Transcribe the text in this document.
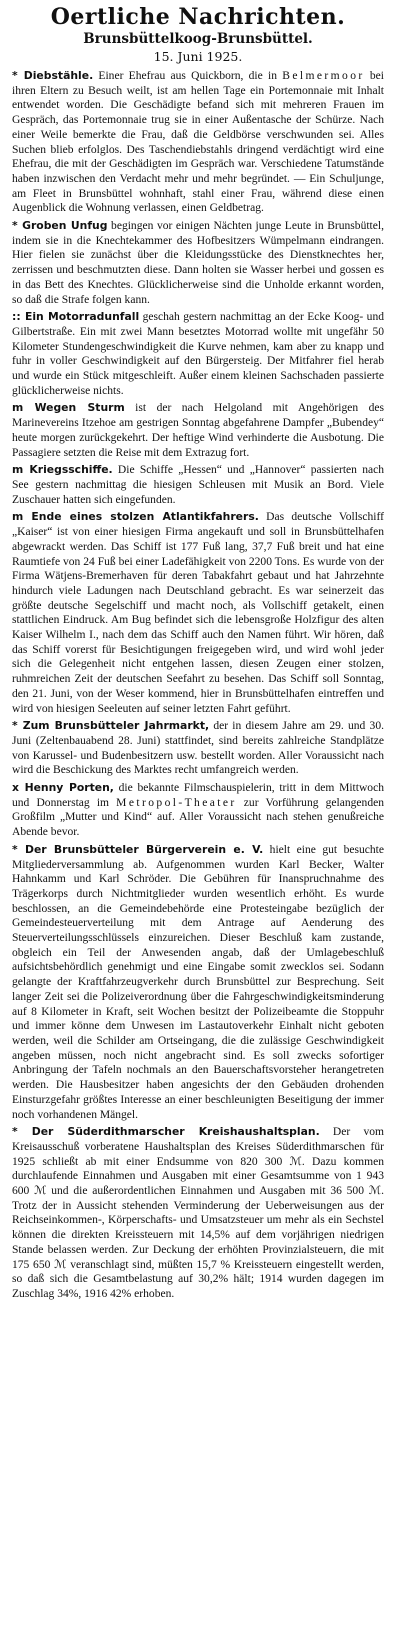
Oertliche Nachrichten.
Brunsbüttelkoog-Brunsbüttel.
15. Juni 1925.

* Diebstähle. Einer Ehefrau aus Quickborn, die in Belmermoor bei ihren Eltern zu Besuch weilt, ist am hellen Tage ein Portemonnaie mit Inhalt entwendet worden. Die Geschädigte befand sich mit mehreren Frauen im Gespräch, das Portemonnaie trug sie in einer Außentasche der Schürze. Nach einer Weile bemerkte die Frau, daß die Geldbörse verschwunden sei. Alles Suchen blieb erfolglos. Des Taschendiebstahls dringend verdächtigt wird eine Ehefrau, die mit der Geschädigten im Gespräch war. Verschiedene Tatumstände haben inzwischen den Verdacht mehr und mehr begründet. — Ein Schuljunge, am Fleet in Brunsbüttel wohnhaft, stahl einer Frau, während diese einen Augenblick die Wohnung verlassen, einen Geldbetrag.

* Groben Unfug begingen vor einigen Nächten junge Leute in Brunsbüttel, indem sie in die Knechtekammer des Hofbesitzers Wümpelmann eindrangen. Hier fielen sie zunächst über die Kleidungsstücke des Dienstknechtes her, zerrissen und beschmutzten diese. Dann holten sie Wasser herbei und gossen es in das Bett des Knechtes. Glücklicherweise sind die Unholde erkannt worden, so daß die Strafe folgen kann.

:: Ein Motorradunfall geschah gestern nachmittag an der Ecke Koog- und Gilbertstraße. Ein mit zwei Mann besetztes Motorrad wollte mit ungefähr 50 Kilometer Stundengeschwindigkeit die Kurve nehmen, kam aber zu knapp und fuhr in voller Geschwindigkeit auf den Bürgersteig. Der Mitfahrer fiel herab und wurde ein Stück mitgeschleift. Außer einem kleinen Sachschaden passierte glücklicherweise nichts.

m Wegen Sturm ist der nach Helgoland mit Angehörigen des Marinevereins Itzehoe am gestrigen Sonntag abgefahrene Dampfer „Bubendey“ heute morgen zurückgekehrt. Der heftige Wind verhinderte die Ausbotung. Die Passagiere setzten die Reise mit dem Extrazug fort.

m Kriegsschiffe. Die Schiffe „Hessen“ und „Hannover“ passierten nach See gestern nachmittag die hiesigen Schleusen mit Musik an Bord. Viele Zuschauer hatten sich eingefunden.

m Ende eines stolzen Atlantikfahrers. Das deutsche Vollschiff „Kaiser“ ist von einer hiesigen Firma angekauft und soll in Brunsbüttelhafen abgewrackt werden. Das Schiff ist 177 Fuß lang, 37,7 Fuß breit und hat eine Raumtiefe von 24 Fuß bei einer Ladefähigkeit von 2200 Tons. Es wurde von der Firma Wätjens-Bremerhaven für deren Tabakfahrt gebaut und hat Jahrzehnte hindurch viele Ladungen nach Deutschland gebracht. Es war seinerzeit das größte deutsche Segelschiff und macht noch, als Vollschiff getakelt, einen stattlichen Eindruck. Am Bug befindet sich die lebensgroße Holzfigur des alten Kaiser Wilhelm I., nach dem das Schiff auch den Namen führt. Wir hören, daß das Schiff vorerst für Besichtigungen freigegeben wird, und wird wohl jeder sich die Gelegenheit nicht entgehen lassen, diesen Zeugen einer stolzen, ruhmreichen Zeit der deutschen Seefahrt zu besehen. Das Schiff soll Sonntag, den 21. Juni, von der Weser kommend, hier in Brunsbüttelhafen eintreffen und wird von hiesigen Seeleuten auf seiner letzten Fahrt geführt.

* Zum Brunsbütteler Jahrmarkt, der in diesem Jahre am 29. und 30. Juni (Zeltenbauabend 28. Juni) stattfindet, sind bereits zahlreiche Standplätze von Karussel- und Budenbesitzern usw. bestellt worden. Aller Voraussicht nach wird die Beschickung des Marktes recht umfangreich werden.

x Henny Porten, die bekannte Filmschauspielerin, tritt in dem Mittwoch und Donnerstag im Metropol-Theater zur Vorführung gelangenden Großfilm „Mutter und Kind“ auf. Aller Voraussicht nach stehen genußreiche Abende bevor.

* Der Brunsbütteler Bürgerverein e. V. hielt eine gut besuchte Mitgliederversammlung ab. Aufgenommen wurden Karl Becker, Walter Hahnkamm und Karl Schröder. Die Gebühren für Inanspruchnahme des Trägerkorps durch Nichtmitglieder wurden wesentlich erhöht. Es wurde beschlossen, an die Gemeindebehörde eine Protesteingabe bezüglich der Gemeindesteuerverteilung mit dem Antrage auf Aenderung des Steuerverteilungsschlüssels einzureichen. Dieser Beschluß kam zustande, obgleich ein Teil der Anwesenden angab, daß der Umlagebeschluß aufsichtsbehördlich genehmigt und eine Eingabe somit zwecklos sei. Sodann gelangte der Kraftfahrzeugverkehr durch Brunsbüttel zur Besprechung. Seit langer Zeit sei die Polizeiverordnung über die Fahrgeschwindigkeitsminderung auf 8 Kilometer in Kraft, seit Wochen besitzt der Polizeibeamte die Stoppuhr und immer könne dem Unwesen im Lastautoverkehr Einhalt nicht geboten werden, weil die Schilder am Ortseingang, die die zulässige Geschwindigkeit angeben müssen, noch nicht angebracht sind. Es soll zwecks sofortiger Anbringung der Tafeln nochmals an den Bauerschaftsvorsteher herangetreten werden. Die Hausbesitzer haben angesichts der den Gebäuden drohenden Einsturzgefahr größtes Interesse an einer beschleunigten Beseitigung der immer noch vorhandenen Mängel.

* Der Süderdithmarscher Kreishaushaltsplan. Der vom Kreisausschuß vorberatene Haushaltsplan des Kreises Süderdithmarschen für 1925 schließt ab mit einer Endsumme von 820 300 ℳ. Dazu kommen durchlaufende Einnahmen und Ausgaben mit einer Gesamtsumme von 1 943 600 ℳ und die außerordentlichen Einnahmen und Ausgaben mit 36 500 ℳ. Trotz der in Aussicht stehenden Verminderung der Ueberweisungen aus der Reichseinkommen-, Körperschafts- und Umsatzsteuer um mehr als ein Sechstel können die direkten Kreissteuern mit 14,5% auf dem vorjährigen niedrigen Stande belassen werden. Zur Deckung der erhöhten Provinzialsteuern, die mit 175 650 ℳ veranschlagt sind, müßten 15,7 % Kreissteuern eingestellt werden, so daß sich die Gesamtbelastung auf 30,2% hält; 1914 wurden dagegen im Zuschlag 34%, 1916 42% erhoben.
